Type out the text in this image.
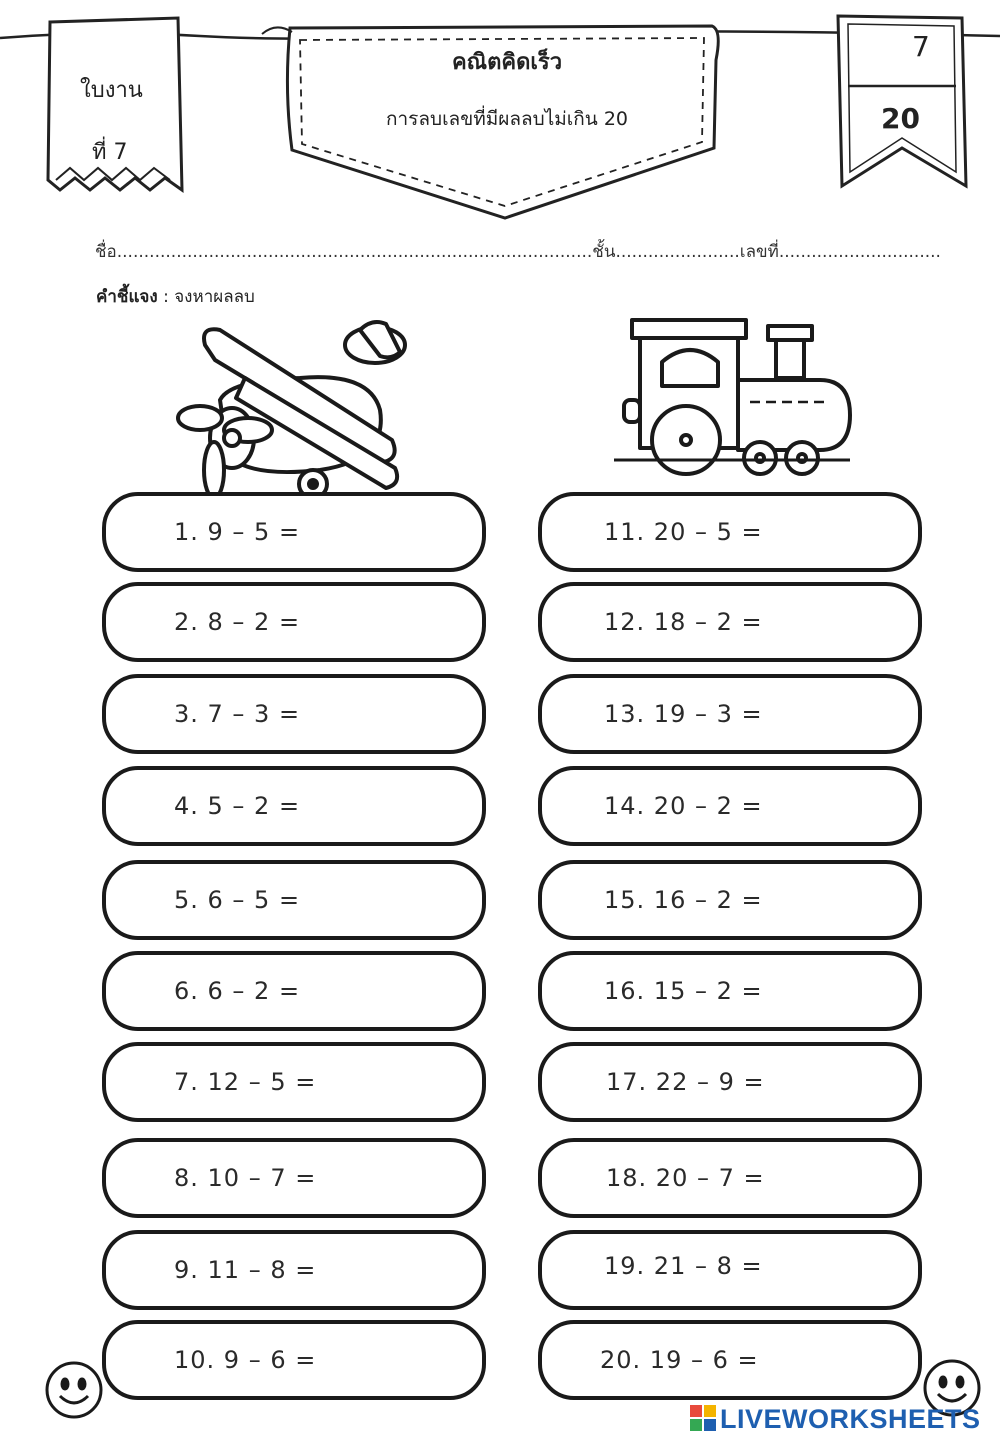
ใบงาน
ที่ 7
คณิตคิดเร็ว
การลบเลขที่มีผลลบไม่เกิน 20
7
20
ชื่อ........................................................................................ชั้น.......................เลขที่..............................
คำชี้แจง : จงหาผลลบ
1. 9 – 5 =
2. 8 – 2 =
3. 7 – 3 =
4. 5 – 2 =
5. 6 – 5 =
6. 6 – 2 =
7. 12 – 5 =
8. 10 – 7 =
9. 11 – 8 =
10. 9 – 6 =
11. 20 – 5 =
12. 18 – 2 =
13. 19 – 3 =
14. 20 – 2 =
15. 16 – 2 =
16. 15 – 2 =
17. 22 – 9 =
18. 20 – 7 =
19. 21 – 8 =
20. 19 – 6 =
LIVEWORKSHEETS
